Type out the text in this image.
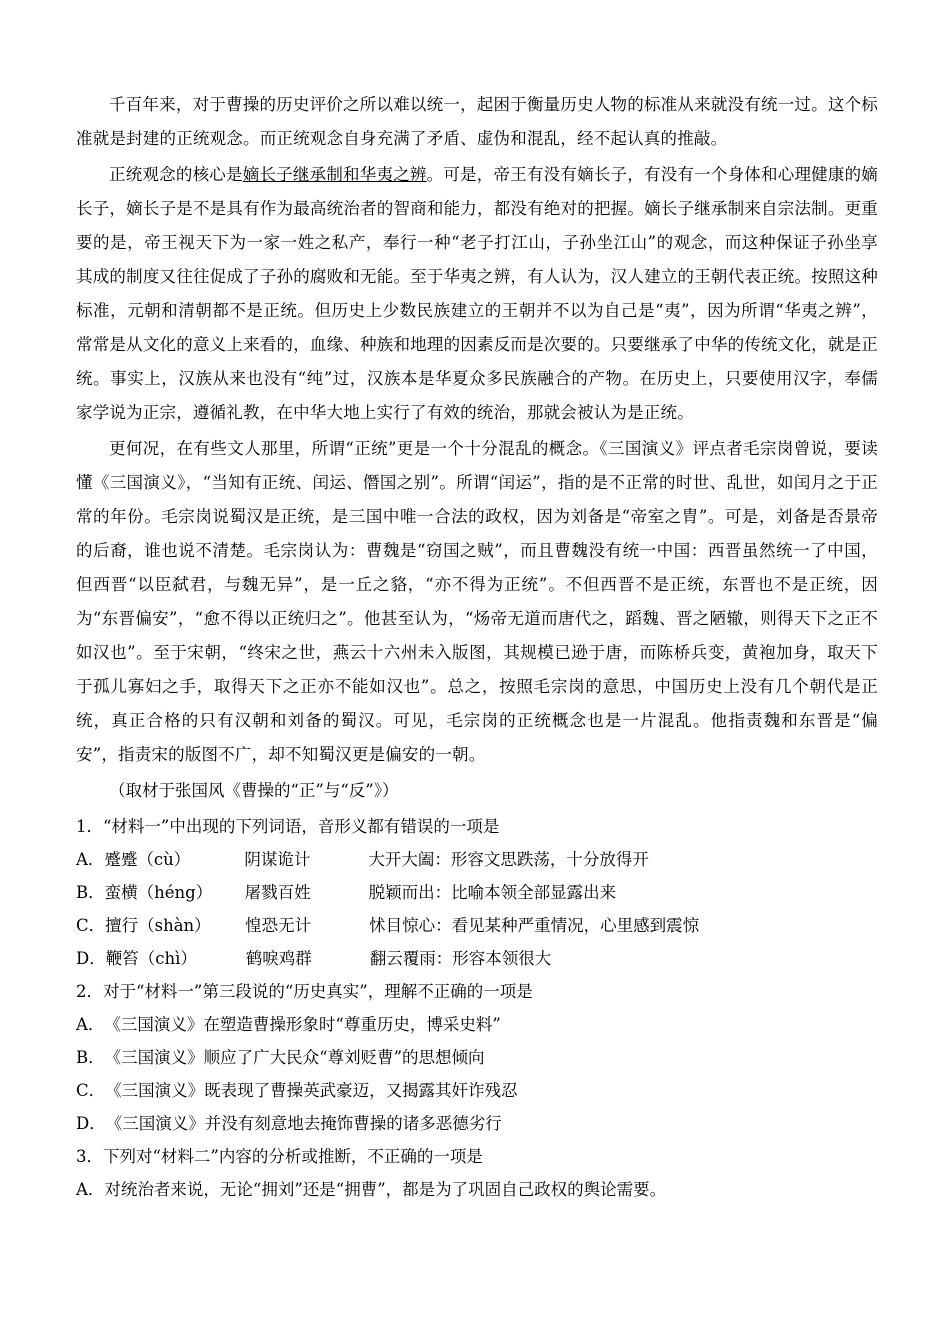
千百年来，对于曹操的历史评价之所以难以统一，起困于衡量历史人物的标准从来就没有统一过。这个标准就是封建的正统观念。而正统观念自身充满了矛盾、虚伪和混乱，经不起认真的推敲。

正统观念的核心是嫡长子继承制和华夷之辨。可是，帝王有没有嫡长子，有没有一个身体和心理健康的嫡长子，嫡长子是不是具有作为最高统治者的智商和能力，都没有绝对的把握。嫡长子继承制来自宗法制。更重要的是，帝王视天下为一家一姓之私产，奉行一种“老子打江山，子孙坐江山”的观念，而这种保证子孙坐享其成的制度又往往促成了子孙的腐败和无能。至于华夷之辨，有人认为，汉人建立的王朝代表正统。按照这种标准，元朝和清朝都不是正统。但历史上少数民族建立的王朝并不以为自己是“夷”，因为所谓“华夷之辨”，常常是从文化的意义上来看的，血缘、种族和地理的因素反而是次要的。只要继承了中华的传统文化，就是正统。事实上，汉族从来也没有“纯”过，汉族本是华夏众多民族融合的产物。在历史上，只要使用汉字，奉儒家学说为正宗，遵循礼教，在中华大地上实行了有效的统治，那就会被认为是正统。

更何况，在有些文人那里，所谓“正统”更是一个十分混乱的概念。《三国演义》评点者毛宗岗曾说，要读懂《三国演义》，“当知有正统、闰运、僭国之别”。所谓“闰运”，指的是不正常的时世、乱世，如闰月之于正常的年份。毛宗岗说蜀汉是正统，是三国中唯一合法的政权，因为刘备是“帝室之胄”。可是，刘备是否景帝的后裔，谁也说不清楚。毛宗岗认为：曹魏是“窃国之贼”，而且曹魏没有统一中国：西晋虽然统一了中国，但西晋“以臣弑君，与魏无异”，是一丘之貉，“亦不得为正统”。不但西晋不是正统，东晋也不是正统，因为“东晋偏安”，“愈不得以正统归之”。他甚至认为，“炀帝无道而唐代之，蹈魏、晋之陋辙，则得天下之正不如汉也”。至于宋朝，“终宋之世，燕云十六州未入版图，其规模已逊于唐，而陈桥兵变，黄袍加身，取天下于孤儿寡妇之手，取得天下之正亦不能如汉也”。总之，按照毛宗岗的意思，中国历史上没有几个朝代是正统，真正合格的只有汉朝和刘备的蜀汉。可见，毛宗岗的正统概念也是一片混乱。他指责魏和东晋是“偏安”，指责宋的版图不广，却不知蜀汉更是偏安的一朝。

（取材于张国风《曹操的“正”与“反”》）

1．“材料一”中出现的下列词语，音形义都有错误的一项是

A．蹙蹙（cù）	阴谋诡计	大开大阖：形容文思跌荡，十分放得开

B．蛮横（héng） 屠戮百姓	脱颖而出：比喻本领全部显露出来

C．擅行（shàn） 惶恐无计	怵目惊心：看见某种严重情况，心里感到震惊

D．鞭笞（chì）	鹤唳鸡群	翻云覆雨：形容本领很大

2．对于“材料一”第三段说的“历史真实”，理解不正确的一项是

A．《三国演义》在塑造曹操形象时“尊重历史，博采史料”

B．《三国演义》顺应了广大民众“尊刘贬曹”的思想倾向

C．《三国演义》既表现了曹操英武豪迈，又揭露其奸诈残忍

D．《三国演义》并没有刻意地去掩饰曹操的诸多恶德劣行

3．下列对“材料二”内容的分析或推断，不正确的一项是

A．对统治者来说，无论“拥刘”还是“拥曹”，都是为了巩固自己政权的舆论需要。
